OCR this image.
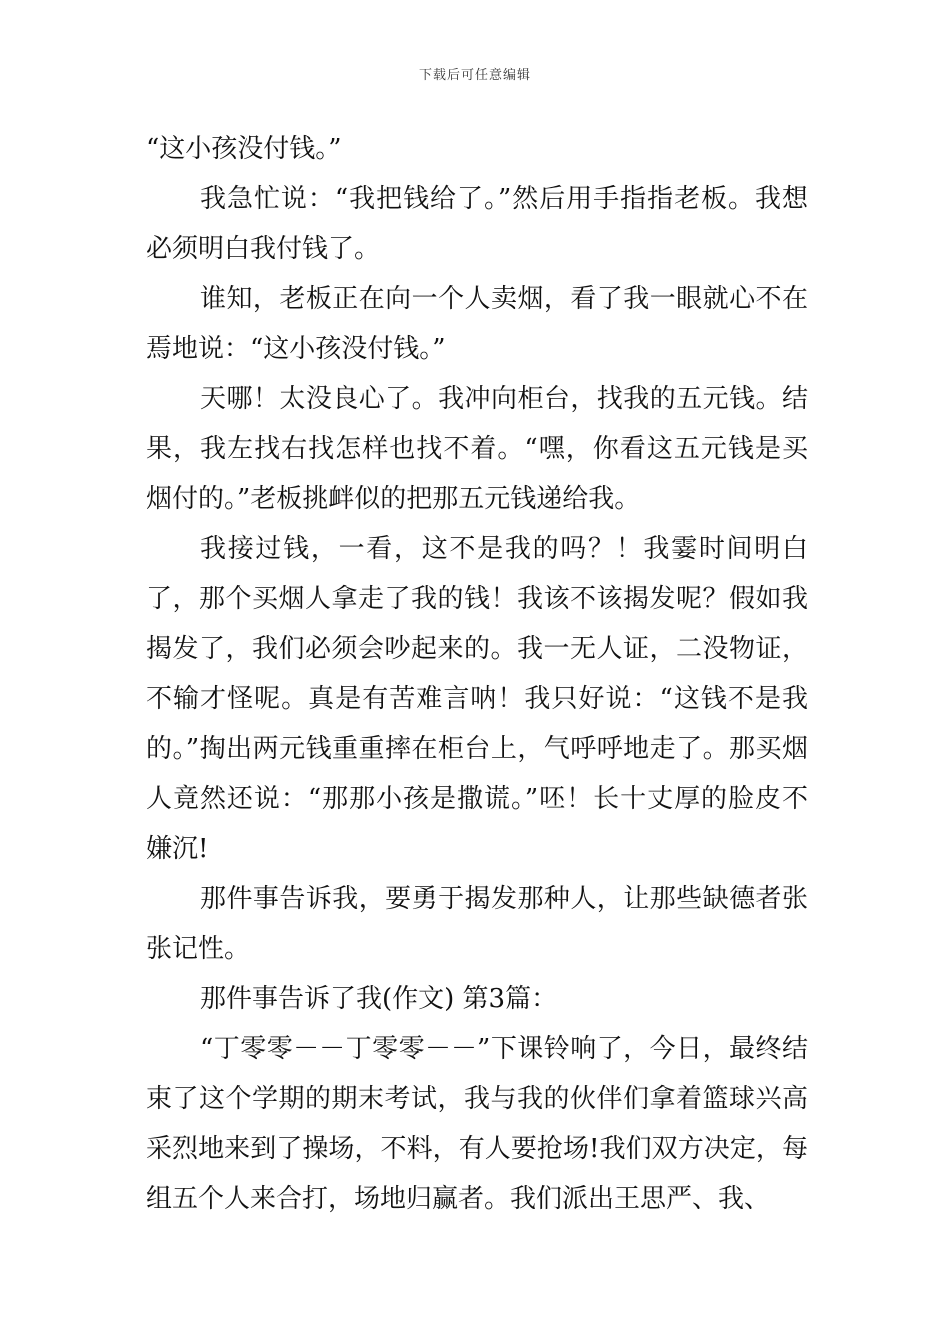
下载后可任意编辑

“这小孩没付钱。”

我急忙说：“我把钱给了。”然后用手指指老板。我想必须明白我付钱了。

谁知，老板正在向一个人卖烟，看了我一眼就心不在焉地说：“这小孩没付钱。”

天哪！太没良心了。我冲向柜台，找我的五元钱。结果，我左找右找怎样也找不着。“嘿，你看这五元钱是买烟付的。”老板挑衅似的把那五元钱递给我。

我接过钱，一看，这不是我的吗？！我霎时间明白了，那个买烟人拿走了我的钱！我该不该揭发呢？假如我揭发了，我们必须会吵起来的。我一无人证，二没物证，不输才怪呢。真是有苦难言呐！我只好说：“这钱不是我的。”掏出两元钱重重摔在柜台上，气呼呼地走了。那买烟人竟然还说：“那那小孩是撒谎。”呸！长十丈厚的脸皮不嫌沉!

那件事告诉我，要勇于揭发那种人，让那些缺德者张张记性。

那件事告诉了我(作文) 第3篇：

“丁零零－－丁零零－－”下课铃响了，今日，最终结束了这个学期的期末考试，我与我的伙伴们拿着篮球兴高采烈地来到了操场，不料，有人要抢场!我们双方决定，每组五个人来合打，场地归赢者。我们派出王思严、我、
